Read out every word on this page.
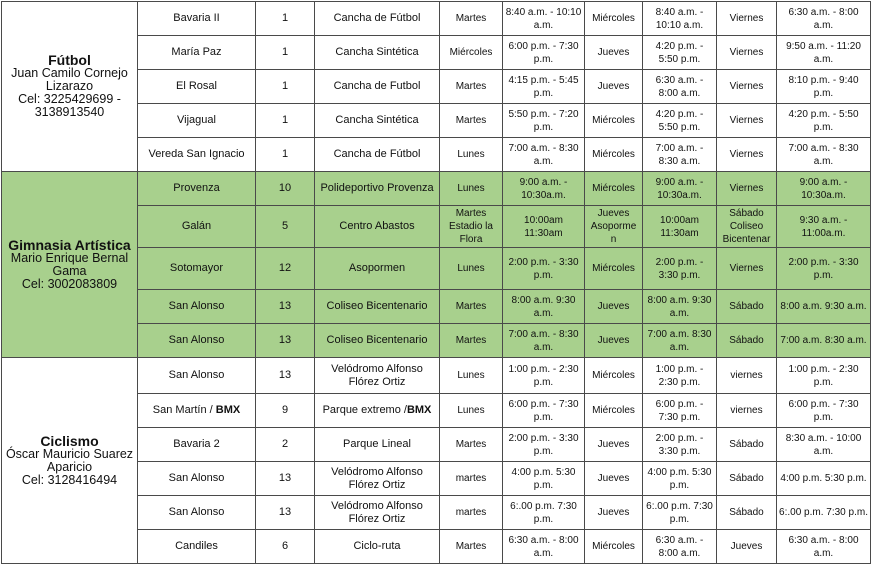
Fútbol
Juan Camilo Cornejo Lizarazo
Cel: 3225429699 - 3138913540	Bavaria II	1	Cancha de Fútbol	Martes	8:40 a.m. - 10:10 a.m.	Miércoles	8:40 a.m. - 10:10 a.m.	Viernes	6:30 a.m. - 8:00 a.m.
	María Paz	1	Cancha Sintética	Miércoles	6:00 p.m. - 7:30 p.m.	Jueves	4:20 p.m. - 5:50 p.m.	Viernes	9:50 a.m. - 11:20 a.m.
	El Rosal	1	Cancha de Futbol	Martes	4:15 p.m. - 5:45 p.m.	Jueves	6:30 a.m. - 8:00 a.m.	Viernes	8:10 p.m. - 9:40 p.m.
	Vijagual	1	Cancha Sintética	Martes	5:50 p.m. - 7:20 p.m.	Miércoles	4:20 p.m. - 5:50 p.m.	Viernes	4:20 p.m. - 5:50 p.m.
	Vereda San Ignacio	1	Cancha de Fútbol	Lunes	7:00 a.m. - 8:30 a.m.	Miércoles	7:00 a.m. - 8:30 a.m.	Viernes	7:00 a.m. - 8:30 a.m.

Gimnasia Artística
Mario Enrique Bernal Gama
Cel: 3002083809	Provenza	10	Polideportivo Provenza	Lunes	9:00 a.m. - 10:30a.m.	Miércoles	9:00 a.m. - 10:30a.m.	Viernes	9:00 a.m. - 10:30a.m.
	Galán	5	Centro Abastos	Martes Estadio la Flora	10:00am 11:30am	Jueves Asoporme n	10:00am 11:30am	Sábado Coliseo Bicentenar	9:30 a.m. - 11:00a.m.
	Sotomayor	12	Asopormen	Lunes	2:00 p.m. - 3:30 p.m.	Miércoles	2:00 p.m. - 3:30 p.m.	Viernes	2:00 p.m. - 3:30 p.m.
	San Alonso	13	Coliseo Bicentenario	Martes	8:00 a.m. 9:30 a.m.	Jueves	8:00 a.m. 9:30 a.m.	Sábado	8:00 a.m. 9:30 a.m.
	San Alonso	13	Coliseo Bicentenario	Martes	7:00 a.m. - 8:30 a.m.	Jueves	7:00 a.m. 8:30 a.m.	Sábado	7:00 a.m. 8:30 a.m.

Ciclismo
Óscar Mauricio Suarez Aparicio
Cel: 3128416494	San Alonso	13	Velódromo Alfonso Flórez Ortiz	Lunes	1:00 p.m. - 2:30 p.m.	Miércoles	1:00 p.m. - 2:30 p.m.	viernes	1:00 p.m. - 2:30 p.m.
	San Martín / BMX	9	Parque extremo /BMX	Lunes	6:00 p.m. - 7:30 p.m.	Miércoles	6:00 p.m. - 7:30 p.m.	viernes	6:00 p.m. - 7:30 p.m.
	Bavaria 2	2	Parque Lineal	Martes	2:00 p.m. - 3:30 p.m.	Jueves	2:00 p.m. - 3:30 p.m.	Sábado	8:30 a.m. - 10:00 a.m.
	San Alonso	13	Velódromo Alfonso Flórez Ortiz	martes	4:00 p.m. 5:30 p.m.	Jueves	4:00 p.m. 5:30 p.m.	Sábado	4:00 p.m. 5:30 p.m.
	San Alonso	13	Velódromo Alfonso Flórez Ortiz	martes	6:.00 p.m. 7:30 p.m.	Jueves	6:.00 p.m. 7:30 p.m.	Sábado	6:.00 p.m. 7:30 p.m.
	Candiles	6	Ciclo-ruta	Martes	6:30 a.m. - 8:00 a.m.	Miércoles	6:30 a.m. - 8:00 a.m.	Jueves	6:30 a.m. - 8:00 a.m.
